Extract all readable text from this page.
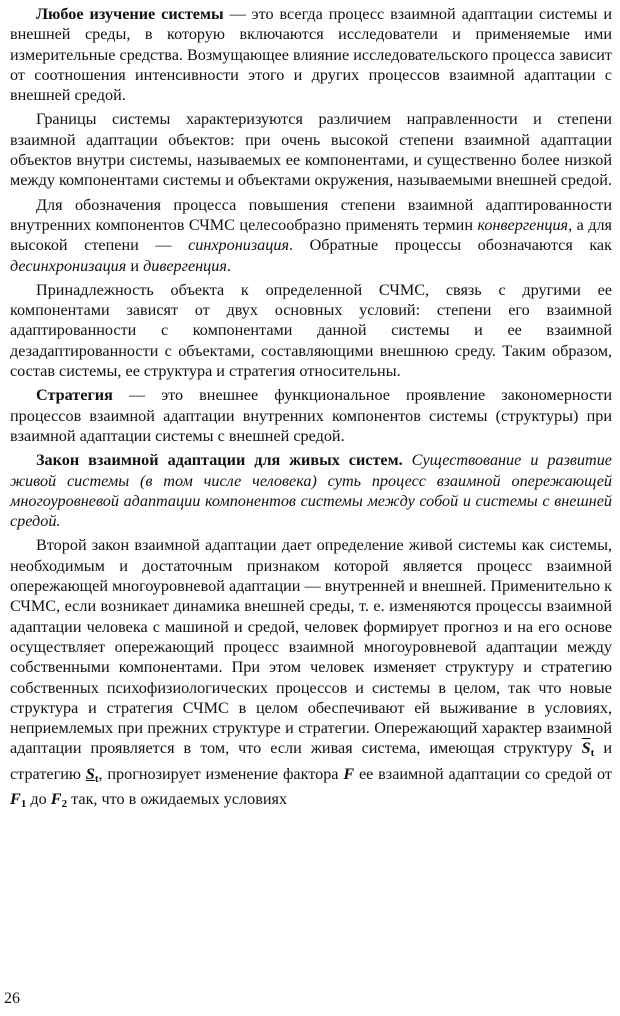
Любое изучение системы — это всегда процесс взаимной адаптации системы и внешней среды, в которую включаются исследователи и применяемые ими измерительные средства. Возмущающее влияние исследовательского процесса зависит от соотношения интенсивности этого и других процессов взаимной адаптации с внешней средой.

Границы системы характеризуются различием направленности и степени взаимной адаптации объектов: при очень высокой степени взаимной адаптации объектов внутри системы, называемых ее компонентами, и существенно более низкой между компонентами системы и объектами окружения, называемыми внешней средой.

Для обозначения процесса повышения степени взаимной адаптированности внутренних компонентов СЧМС целесообразно применять термин конвергенция, а для высокой степени — синхронизация. Обратные процессы обозначаются как десинхронизация и дивергенция.

Принадлежность объекта к определенной СЧМС, связь с другими ее компонентами зависят от двух основных условий: степени его взаимной адаптированности с компонентами данной системы и ее взаимной дезадаптированности с объектами, составляющими внешнюю среду. Таким образом, состав системы, ее структура и стратегия относительны.

Стратегия — это внешнее функциональное проявление закономерности процессов взаимной адаптации внутренних компонентов системы (структуры) при взаимной адаптации системы с внешней средой.

Закон взаимной адаптации для живых систем. Существование и развитие живой системы (в том числе человека) суть процесс взаимной опережающей многоуровневой адаптации компонентов системы между собой и системы с внешней средой.

Второй закон взаимной адаптации дает определение живой системы как системы, необходимым и достаточным признаком которой является процесс взаимной опережающей многоуровневой адаптации — внутренней и внешней. Применительно к СЧМС, если возникает динамика внешней среды, т. е. изменяются процессы взаимной адаптации человека с машиной и средой, человек формирует прогноз и на его основе осуществляет опережающий процесс взаимной многоуровневой адаптации между собственными компонентами. При этом человек изменяет структуру и стратегию собственных психофизиологических процессов и системы в целом, так что новые структура и стратегия СЧМС в целом обеспечивают ей выживание в условиях, неприемлемых при прежних структуре и стратегии. Опережающий характер взаимной адаптации проявляется в том, что если живая система, имеющая структуру $\overline{S}_t$ и стратегию $S_t$, прогнозирует изменение фактора F ее взаимной адаптации со средой от $F_1$ до $F_2$ так, что в ожидаемых условиях

26
